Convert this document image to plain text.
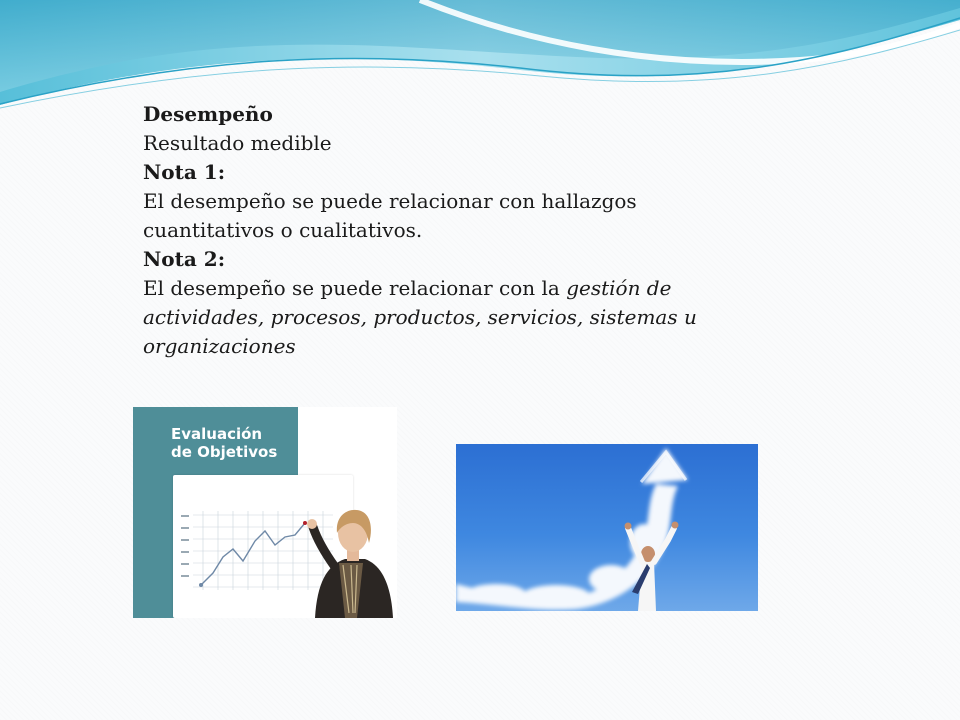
Desempeño

Resultado medible

Nota 1:

El desempeño se puede relacionar con hallazgos cuantitativos o cualitativos.

Nota 2:

El desempeño se puede relacionar con la gestión de actividades, procesos, productos, servicios, sistemas u organizaciones

Evaluación
de Objetivos
